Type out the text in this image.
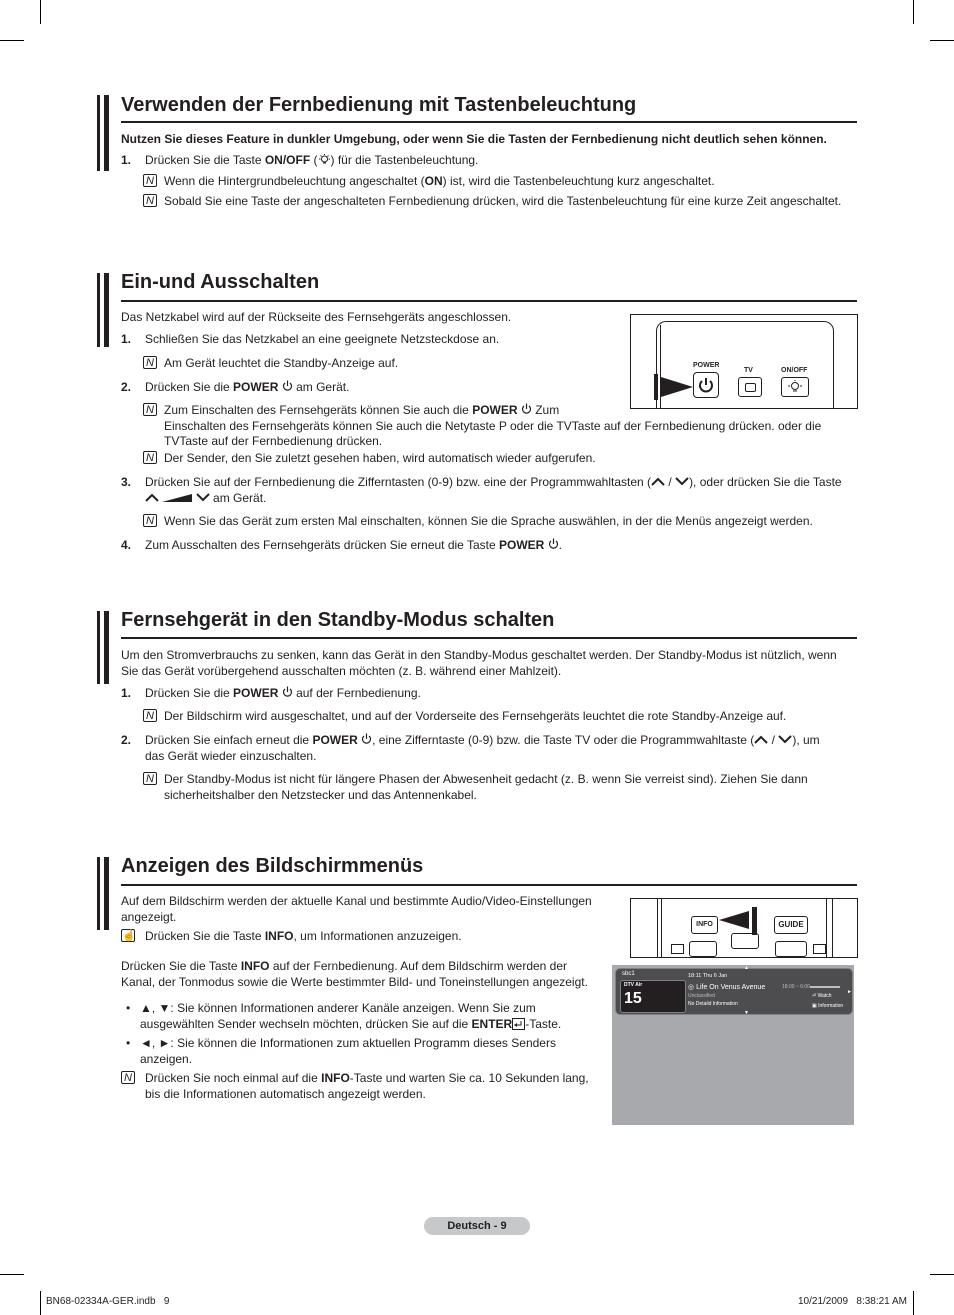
Verwenden der Fernbedienung mit Tastenbeleuchtung
Nutzen Sie dieses Feature in dunkler Umgebung, oder wenn Sie die Tasten der Fernbedienung nicht deutlich sehen können.
1. Drücken Sie die Taste ON/OFF ( ) für die Tastenbeleuchtung.
N Wenn die Hintergrundbeleuchtung angeschaltet (ON) ist, wird die Tastenbeleuchtung kurz angeschaltet.
N Sobald Sie eine Taste der angeschalteten Fernbedienung drücken, wird die Tastenbeleuchtung für eine kurze Zeit angeschaltet.
Ein-und Ausschalten
Das Netzkabel wird auf der Rückseite des Fernsehgeräts angeschlossen.
1. Schließen Sie das Netzkabel an eine geeignete Netzsteckdose an.
N Am Gerät leuchtet die Standby-Anzeige auf.	POWER
TV	ON/OFF
2. Drücken Sie die POWER  am Gerät.
N Zum Einschalten des Fernsehgeräts können Sie auch die POWER  Zum
Einschalten des Fernsehgeräts können Sie auch die Netytaste P oder die TVTaste auf der Fernbedienung drücken. oder die
TVTaste auf der Fernbedienung drücken.
N Der Sender, den Sie zuletzt gesehen haben, wird automatisch wieder aufgerufen.
3. Drücken Sie auf der Fernbedienung die Zifferntasten (0-9) bzw. eine der Programmwahltasten ( / ), oder drücken Sie die Taste
am Gerät.
N Wenn Sie das Gerät zum ersten Mal einschalten, können Sie die Sprache auswählen, in der die Menüs angezeigt werden.
4. Zum Ausschalten des Fernsehgeräts drücken Sie erneut die Taste POWER .
Fernsehgerät in den Standby-Modus schalten
Um den Stromverbrauchs zu senken, kann das Gerät in den Standby-Modus geschaltet werden. Der Standby-Modus ist nützlich, wenn
Sie das Gerät vorübergehend ausschalten möchten (z. B. während einer Mahlzeit).
1. Drücken Sie die POWER  auf der Fernbedienung.
N Der Bildschirm wird ausgeschaltet, und auf der Vorderseite des Fernsehgeräts leuchtet die rote Standby-Anzeige auf.
2. Drücken Sie einfach erneut die POWER , eine Zifferntaste (0-9) bzw. die Taste TV oder die Programmwahltaste ( / ), um
das Gerät wieder einzuschalten.
N Der Standby-Modus ist nicht für längere Phasen der Abwesenheit gedacht (z. B. wenn Sie verreist sind). Ziehen Sie dann
sicherheitshalber den Netzstecker und das Antennenkabel.
Anzeigen des Bildschirmmenüs
Auf dem Bildschirm werden der aktuelle Kanal und bestimmte Audio/Video-Einstellungen
angezeigt.
☝ Drücken Sie die Taste INFO, um Informationen anzuzeigen.
Drücken Sie die Taste INFO auf der Fernbedienung. Auf dem Bildschirm werden der
Kanal, der Tonmodus sowie die Werte bestimmter Bild- und Toneinstellungen angezeigt.
• ▲, ▼: Sie können Informationen anderer Kanäle anzeigen. Wenn Sie zum
ausgewählten Sender wechseln möchten, drücken Sie auf die ENTER -Taste.
• ◄, ►: Sie können die Informationen zum aktuellen Programm dieses Senders
anzeigen.
N Drücken Sie noch einmal auf die INFO-Taste und warten Sie ca. 10 Sekunden lang,
bis die Informationen automatisch angezeigt werden.
INFO	GUIDE
sbc1
DTV Air
15
18:11 Thu 6 Jan
◎ Life On Venus Avenue
Unclassified
No Detaild Information
18:00 ~ 6:00
⏎ Watch
▣ Information
▲
▼
►
Deutsch - 9
BN68-02334A-GER.indb   9	10/21/2009   8:38:21 AM
